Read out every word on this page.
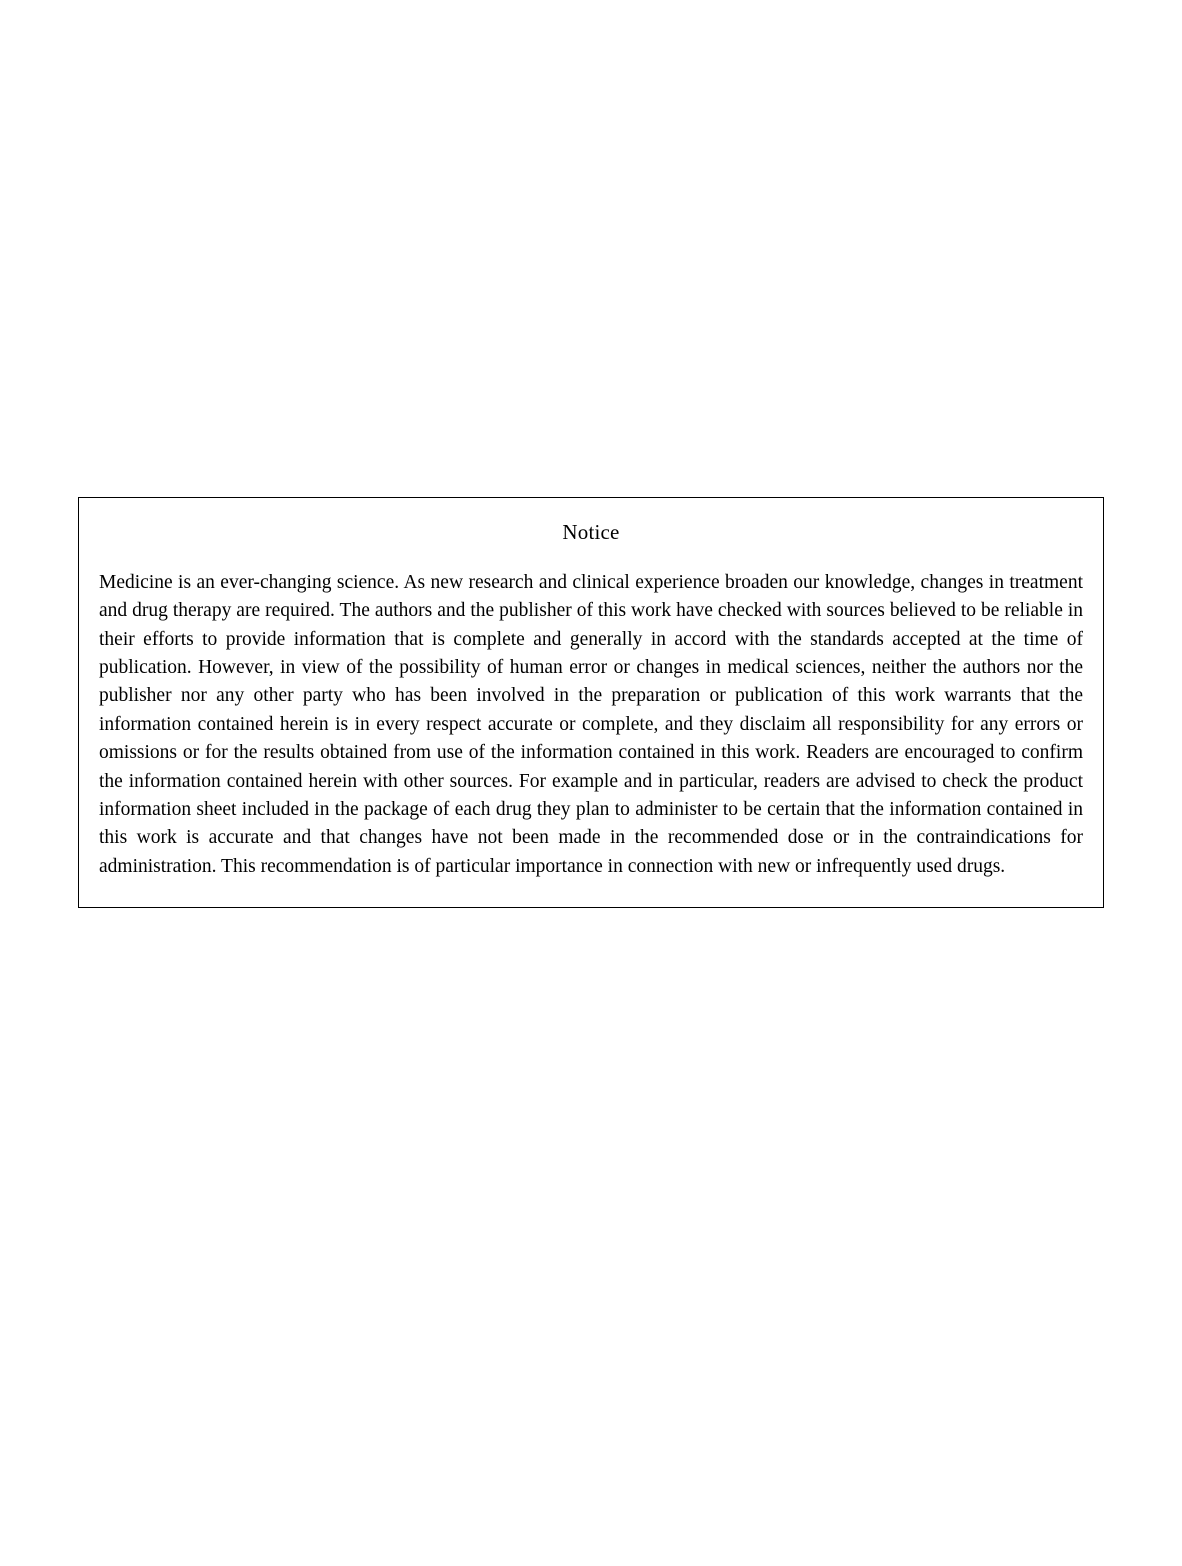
Notice

Medicine is an ever-changing science. As new research and clinical experience broaden our knowledge, changes in treatment and drug therapy are required. The authors and the publisher of this work have checked with sources believed to be reliable in their efforts to provide information that is complete and generally in accord with the standards accepted at the time of publication. However, in view of the possibility of human error or changes in medical sciences, neither the authors nor the publisher nor any other party who has been involved in the preparation or publication of this work warrants that the information contained herein is in every respect accurate or complete, and they disclaim all responsibility for any errors or omissions or for the results obtained from use of the information contained in this work. Readers are encouraged to confirm the information contained herein with other sources. For example and in particular, readers are advised to check the product information sheet included in the package of each drug they plan to administer to be certain that the information contained in this work is accurate and that changes have not been made in the recommended dose or in the contraindications for administration. This recommendation is of particular importance in connection with new or infrequently used drugs.
